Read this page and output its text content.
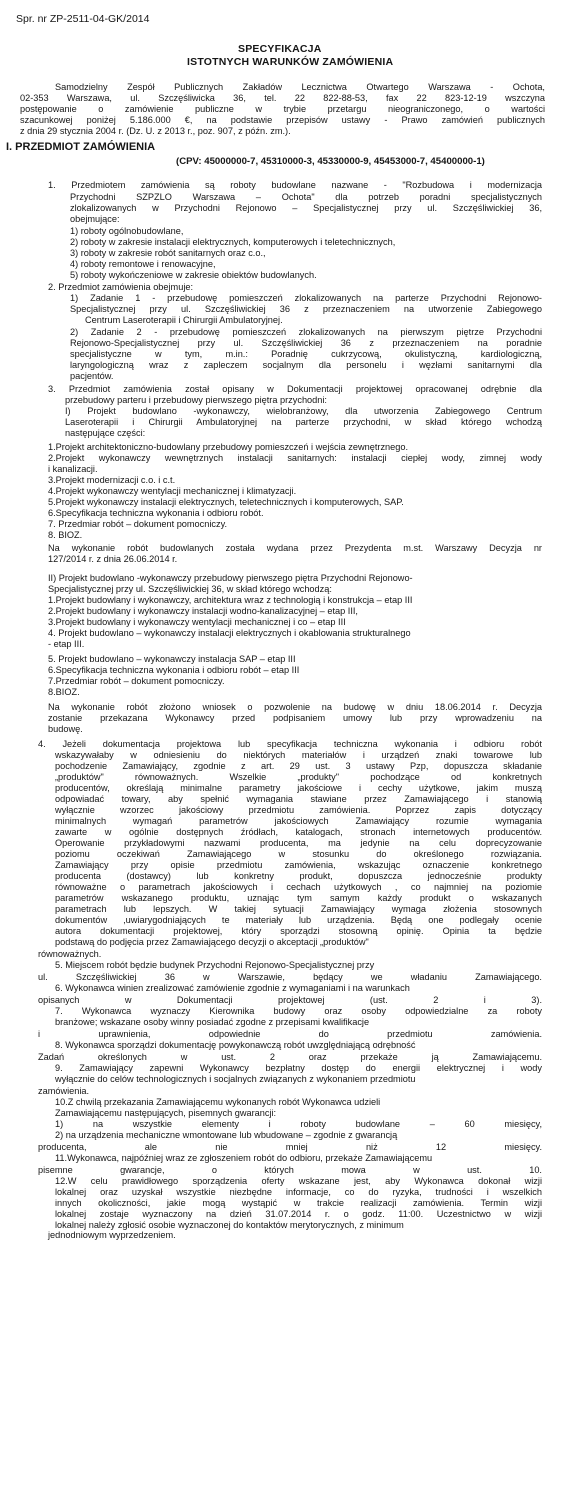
Spr. nr ZP-2511-04-GK/2014
SPECYFIKACJA
ISTOTNYCH WARUNKÓW ZAMÓWIENIA
Samodzielny Zespół Publicznych Zakładów Lecznictwa Otwartego Warszawa - Ochota,
02-353 Warszawa, ul. Szczęśliwicka 36, tel. 22 822-88-53, fax 22 823-12-19 wszczyna
postępowanie o zamówienie publiczne w trybie przetargu nieograniczonego, o wartości
szacunkowej poniżej 5.186.000 €, na podstawie przepisów ustawy - Prawo zamówień publicznych
z dnia 29 stycznia 2004 r. (Dz. U. z 2013 r., poz. 907, z późn. zm.).
I. PRZEDMIOT ZAMÓWIENIA
(CPV: 45000000-7, 45310000-3, 45330000-9, 45453000-7, 45400000-1)
1. Przedmiotem zamówienia są roboty budowlane nazwane - "Rozbudowa i modernizacja
Przychodni SZPZLO Warszawa – Ochota" dla potrzeb poradni specjalistycznych
zlokalizowanych w Przychodni Rejonowo – Specjalistycznej przy ul. Szczęśliwickiej 36,
obejmujące:
1) roboty ogólnobudowlane,
2) roboty w zakresie instalacji elektrycznych, komputerowych i teletechnicznych,
3) roboty w zakresie robót sanitarnych oraz c.o.,
4) roboty remontowe i renowacyjne,
5) roboty wykończeniowe w zakresie obiektów budowlanych.
2. Przedmiot zamówienia obejmuje:
1) Zadanie 1 - przebudowę pomieszczeń zlokalizowanych na parterze Przychodni Rejonowo-
Specjalistycznej przy ul. Szczęśliwickiej 36 z przeznaczeniem na utworzenie Zabiegowego
Centrum Laseroterapii i Chirurgii Ambulatoryjnej.
2) Zadanie 2 - przebudowę pomieszczeń zlokalizowanych na pierwszym piętrze Przychodni
Rejonowo-Specjalistycznej przy ul. Szczęśliwickiej 36 z przeznaczeniem na poradnie
specjalistyczne w tym, m.in.: Poradnię cukrzycową, okulistyczną, kardiologiczną,
laryngologiczną wraz z zapleczem socjalnym dla personelu i węzłami sanitarnymi dla
pacjentów.
3. Przedmiot zamówienia został opisany w Dokumentacji projektowej opracowanej odrębnie dla
przebudowy parteru i przebudowy pierwszego piętra przychodni:
I) Projekt budowlano -wykonawczy, wielobranżowy, dla utworzenia Zabiegowego Centrum
Laseroterapii i Chirurgii Ambulatoryjnej na parterze przychodni, w skład którego wchodzą
następujące części:
1.Projekt architektoniczno-budowlany przebudowy pomieszczeń i wejścia zewnętrznego.
2.Projekt wykonawczy wewnętrznych instalacji sanitarnych: instalacji ciepłej wody, zimnej wody
i kanalizacji.
3.Projekt modernizacji c.o. i c.t.
4.Projekt wykonawczy wentylacji mechanicznej i klimatyzacji.
5.Projekt wykonawczy instalacji elektrycznych, teletechnicznych i komputerowych, SAP.
6.Specyfikacja techniczna wykonania i odbioru robót.
7. Przedmiar robót – dokument pomocniczy.
8. BIOZ.
Na wykonanie robót budowlanych została wydana przez Prezydenta m.st. Warszawy Decyzja nr
127/2014 r. z dnia 26.06.2014 r.
II) Projekt budowlano -wykonawczy przebudowy pierwszego piętra Przychodni Rejonowo-
Specjalistycznej przy ul. Szczęśliwickiej 36, w skład którego wchodzą:
1.Projekt budowlany i wykonawczy, architektura wraz z technologią i konstrukcja – etap III
2.Projekt budowlany i wykonawczy instalacji wodno-kanalizacyjnej – etap III,
3.Projekt budowlany i wykonawczy wentylacji mechanicznej i co – etap III
4. Projekt budowlano – wykonawczy instalacji elektrycznych i okablowania strukturalnego
- etap III.
5. Projekt budowlano – wykonawczy instalacja SAP – etap III
6.Specyfikacja techniczna wykonania i odbioru robót – etap III
7.Przedmiar robót – dokument pomocniczy.
8.BIOZ.
Na wykonanie robót złożono wniosek o pozwolenie na budowę w dniu 18.06.2014 r. Decyzja
zostanie przekazana Wykonawcy przed podpisaniem umowy lub przy wprowadzeniu na
budowę.
4. Jeżeli dokumentacja projektowa lub specyfikacja techniczna wykonania i odbioru robót
wskazywałaby w odniesieniu do niektórych materiałów i urządzeń znaki towarowe lub
pochodzenie Zamawiający, zgodnie z art. 29 ust. 3 ustawy Pzp, dopuszcza składanie
„produktów" równoważnych. Wszelkie „produkty" pochodzące od konkretnych
producentów, określają minimalne parametry jakościowe i cechy użytkowe, jakim muszą
odpowiadać towary, aby spełnić wymagania stawiane przez Zamawiającego i stanowią
wyłącznie wzorzec jakościowy przedmiotu zamówienia. Poprzez zapis dotyczący
minimalnych wymagań parametrów jakościowych Zamawiający rozumie wymagania
zawarte w ogólnie dostępnych źródłach, katalogach, stronach internetowych producentów.
Operowanie przykładowymi nazwami producenta, ma jedynie na celu doprecyzowanie
poziomu oczekiwań Zamawiającego w stosunku do określonego rozwiązania.
Zamawiający przy opisie przedmiotu zamówienia, wskazując oznaczenie konkretnego
producenta (dostawcy) lub konkretny produkt, dopuszcza jednocześnie produkty
równoważne o parametrach jakościowych i cechach użytkowych , co najmniej na poziomie
parametrów wskazanego produktu, uznając tym samym każdy produkt o wskazanych
parametrach lub lepszych. W takiej sytuacji Zamawiający wymaga złożenia stosownych
dokumentów ,uwiarygodniających te materiały lub urządzenia. Będą one podlegały ocenie
autora dokumentacji projektowej, który sporządzi stosowną opinię. Opinia ta będzie
podstawą do podjęcia przez Zamawiającego decyzji o akceptacji „produktów"
równoważnych.
5. Miejscem robót będzie budynek Przychodni Rejonowo-Specjalistycznej przy
ul. Szczęśliwickiej 36 w Warszawie, będący we władaniu Zamawiającego.
6. Wykonawca winien zrealizować zamówienie zgodnie z wymaganiami i na warunkach
opisanych w Dokumentacji projektowej (ust. 2 i 3).
7. Wykonawca wyznaczy Kierownika budowy oraz osoby odpowiedzialne za roboty
branżowe; wskazane osoby winny posiadać zgodne z przepisami kwalifikacje
i uprawnienia, odpowiednie do przedmiotu zamówienia.
8. Wykonawca sporządzi dokumentację powykonawczą robót uwzględniającą odrębność
Zadań określonych w ust. 2 oraz przekaże ją Zamawiającemu.
9. Zamawiający zapewni Wykonawcy bezpłatny dostęp do energii elektrycznej i wody
wyłącznie do celów technologicznych i socjalnych związanych z wykonaniem przedmiotu
zamówienia.
10.Z chwilą przekazania Zamawiającemu wykonanych robót Wykonawca udzieli
Zamawiającemu następujących, pisemnych gwarancji:
1) na wszystkie elementy i roboty budowlane – 60 miesięcy,
2) na urządzenia mechaniczne wmontowane lub wbudowane – zgodnie z gwarancją
producenta, ale nie mniej niż 12 miesięcy.
11.Wykonawca, najpóźniej wraz ze zgłoszeniem robót do odbioru, przekaże Zamawiającemu
pisemne gwarancje, o których mowa w ust. 10.
12.W celu prawidłowego sporządzenia oferty wskazane jest, aby Wykonawca dokonał wizji
lokalnej oraz uzyskał wszystkie niezbędne informacje, co do ryzyka, trudności i wszelkich
innych okoliczności, jakie mogą wystąpić w trakcie realizacji zamówienia. Termin wizji
lokalnej zostaje wyznaczony na dzień 31.07.2014 r. o godz. 11:00. Uczestnictwo w wizji
lokalnej należy zgłosić osobie wyznaczonej do kontaktów merytorycznych, z minimum
jednodniowym wyprzedzeniem.
